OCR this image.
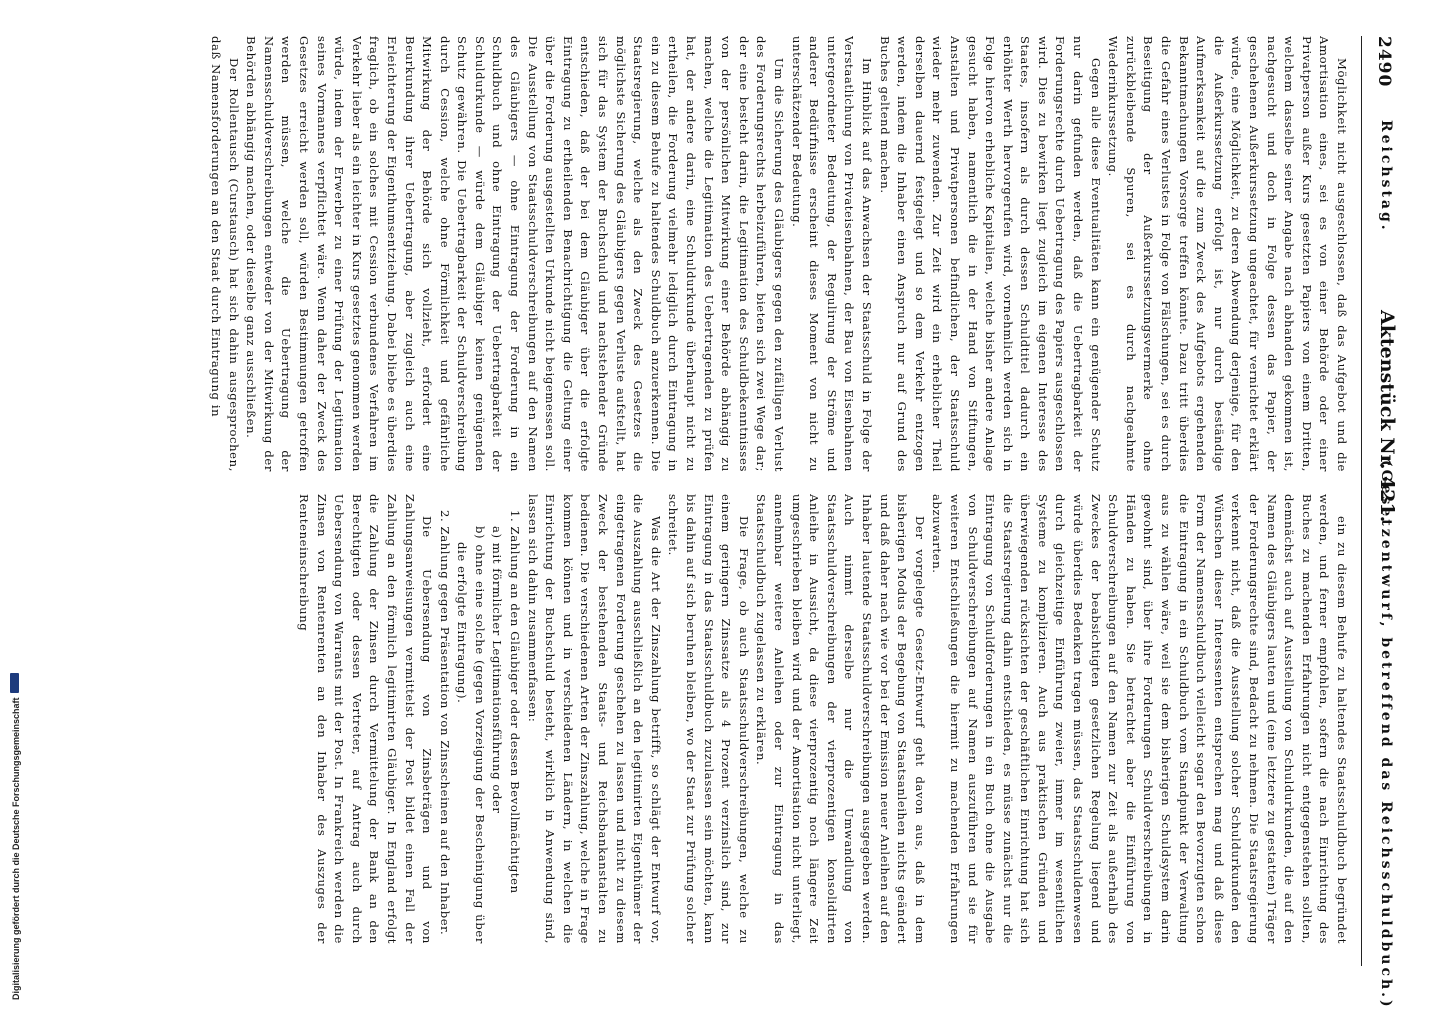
2490
Reichstag.
Aktenstück Nr. 421.
(Gesetzentwurf, betreffend das Reichsschuldbuch.)

Möglichkeit nicht ausgeschlossen, daß das Aufgebot und die Amortisation eines, sei es von einer Behörde oder einer Privatperson außer Kurs gesetzten Papiers von einem Dritten, welchem dasselbe seiner Angabe nach abhanden gekommen ist, nachgesucht und doch in Folge dessen das Papier, der geschehenen Außerkurssetzung ungeachtet, für vernichtet erklärt würde, eine Möglichkeit, zu deren Abwendung derjenige, für den die Außerkurssetzung erfolgt ist, nur durch beständige Aufmerksamkeit auf die zum Zweck des Aufgebots ergehenden Bekanntmachungen Vorsorge treffen könnte. Dazu tritt überdies die Gefahr eines Verlustes in Folge von Fälschungen, sei es durch Beseitigung der Außerkurssetzungsvermerke ohne zurückbleibende Spuren, sei es durch nachgeahmte Wiederinkurssetzung.

Gegen alle diese Eventualitäten kann ein genügender Schutz nur darin gefunden werden, daß die Uebertragbarkeit der Forderungsrechte durch Uebertragung des Papiers ausgeschlossen wird. Dies zu bewirken liegt zugleich im eigenen Interesse des Staates, insofern als durch dessen Schuldtitel dadurch ein erhöhter Werth hervorgerufen wird, vornehmlich werden sich in Folge hiervon erhebliche Kapitalien, welche bisher andere Anlage gesucht haben, namentlich die in der Hand von Stiftungen, Anstalten und Privatpersonen befindlichen, der Staatsschuld wieder mehr zuwenden. Zur Zeit wird ein erheblicher Theil derselben dauernd festgelegt und so dem Verkehr entzogen werden, indem die Inhaber einen Anspruch nur auf Grund des Buches geltend machen.

Im Hinblick auf das Anwachsen der Staatsschuld in Folge der Verstaatlichung von Privateisenbahnen, der Bau von Eisenbahnen untergeordneter Bedeutung, der Regulirung der Ströme und anderer Bedürfnisse erscheint dieses Moment von nicht zu unterschätzender Bedeutung.

Um die Sicherung des Gläubigers gegen den zufälligen Verlust des Forderungsrechts herbeizuführen, bieten sich zwei Wege dar; der eine besteht darin, die Legitimation des Schuldbekenntnisses von der persönlichen Mitwirkung einer Behörde abhängig zu machen, welche die Legitimation des Uebertragenden zu prüfen hat, der andere darin, eine Schuldurkunde überhaupt nicht zu ertheilen, die Forderung vielmehr lediglich durch Eintragung in ein zu diesem Behufe zu haltendes Schuldbuch anzuerkennen. Die Staatsregierung, welche als den Zweck des Gesetzes die möglichste Sicherung des Gläubigers gegen Verluste aufstellt, hat sich für das System der Buchschuld und nachstehender Gründe entschieden, daß der bei dem Gläubiger über die erfolgte Eintragung zu ertheilenden Benachrichtigung die Geltung einer über die Forderung ausgestellten Urkunde nicht beigemessen soll. Die Ausstellung von Staatsschuldverschreibungen auf den Namen des Gläubigers — ohne Eintragung der Forderung in ein Schuldbuch und ohne Eintragung der Uebertragbarkeit der Schuldurkunde — würde dem Gläubiger keinen genügenden Schutz gewähren. Die Uebertragbarkeit der Schuldverschreibung durch Cession, welche ohne Förmlichkeit und gefährliche Mitwirkung der Behörde sich vollzieht, erfordert eine Beurkundung ihrer Uebertragung, aber zugleich auch eine Erleichterung der Eigenthumsentziehung. Dabei bliebe es überdies fraglich, ob ein solches mit Cession verbundenes Verfahren im Verkehr lieber als ein leichter in Kurs gesetztes genommen werden würde, indem der Erwerber zu einer Prüfung der Legitimation seines Vormannes verpflichtet wäre. Wenn daher der Zweck des Gesetzes erreicht werden soll, würden Bestimmungen getroffen werden müssen, welche die Uebertragung der Namensschuldverschreibungen entweder von der Mitwirkung der Behörden abhängig machen, oder dieselbe ganz ausschließen.

Der Rollentausch (Curstausch) hat sich dahin ausgesprochen, daß Namensforderungen an den Staat durch Eintragung in

ein zu diesem Behufe zu haltendes Staatsschuldbuch begründet werden, und ferner empfohlen, sofern die nach Einrichtung des Buches zu machenden Erfahrungen nicht entgegenstehen sollten, demnächst auch auf Ausstellung von Schuldurkunden, die auf den Namen des Gläubigers lauten und (eine letztere zu gestatten) Träger der Forderungsrechte sind, Bedacht zu nehmen. Die Staatsregierung verkennt nicht, daß die Ausstellung solcher Schuldurkunden den Wünschen dieser Interessenten entsprechen mag und daß diese Form der Namensschuldbuch vielleicht sogar den Bevorzugten schon die Eintragung in ein Schuldbuch vom Standpunkt der Verwaltung aus zu wählen wäre, weil sie dem bisherigen Schuldsystem darin gewohnt sind, über ihre Forderungen Schuldverschreibungen in Händen zu haben. Sie betrachtet aber die Einführung von Schuldverschreibungen auf den Namen zur Zeit als außerhalb des Zweckes der beabsichtigten gesetzlichen Regelung liegend und würde überdies Bedenken tragen müssen, das Staatsschuldenwesen durch gleichzeitige Einführung zweier, immer im wesentlichen Systeme zu komplizieren. Auch aus praktischen Gründen und überwiegenden rücksichten der geschäftlichen Einrichtung hat sich die Staatsregierung dahin entschieden, es müsse zunächst nur die Eintragung von Schuldforderungen in ein Buch ohne die Ausgabe von Schuldverschreibungen auf Namen auszuführen und sie für weiteren Entschließungen die hiermit zu machenden Erfahrungen abzuwarten.

Der vorgelegte Gesetz-Entwurf geht davon aus, daß in dem bisherigen Modus der Begebung von Staatsanleihen nichts geändert und daß daher nach wie vor bei der Emission neuer Anleihen auf den Inhaber lautende Staatsschuldverschreibungen ausgegeben werden. Auch nimmt derselbe nur die Umwandlung von Staatsschuldverschreibungen der vierprozentigen konsolidirten Anleihe in Aussicht, da diese vierprozentig noch längere Zeit umgeschrieben bleiben wird und der Amortisation nicht unterliegt, annehmbar weitere Anleihen oder zur Eintragung in das Staatsschuldbuch zugelassen zu erklären.

Die Frage, ob auch Staatsschuldverschreibungen, welche zu einem geringern Zinssatze als 4 Prozent verzinslich sind, zur Eintragung in das Staatsschuldbuch zuzulassen sein möchten, kann bis dahin auf sich beruhen bleiben, wo der Staat zur Prüfung solcher schreitet.

Was die Art der Zinszahlung betrifft, so schlägt der Entwurf vor, die Auszahlung ausschließlich an den legitimirten Eigenthümer der eingetragenen Forderung geschehen zu lassen und nicht zu diesem Zweck der bestehenden Staats- und Reichsbankanstalten zu bedienen. Die verschiedenen Arten der Zinszahlung, welche in Frage kommen können und in verschiedenen Ländern, in welchen die Einrichtung der Buchschuld besteht, wirklich in Anwendung sind, lassen sich dahin zusammenfassen:

1. Zahlung an den Gläubiger oder dessen Bevollmächtigten
a) mit förmlicher Legitimationsführung oder
b) ohne eine solche (gegen Vorzeigung der Bescheinigung über die erfolgte Eintragung).
2. Zahlung gegen Präsentation von Zinsscheinen auf den Inhaber.

Die Uebersendung von Zinsbeträgen und von Zahlungsanweisungen vermittelst der Post bildet einen Fall der Zahlung an den förmlich legitimirten Gläubiger. In England erfolgt die Zahlung der Zinsen durch Vermittelung der Bank an den Berechtigten oder dessen Vertreter, auf Antrag auch durch Uebersendung von Warrants mit der Post. In Frankreich werden die Zinsen von Rentenrenten an den Inhaber des Auszuges der Renteneinschreibung

Digitalisierung gefördert durch die Deutsche Forschungsgemeinschaft
